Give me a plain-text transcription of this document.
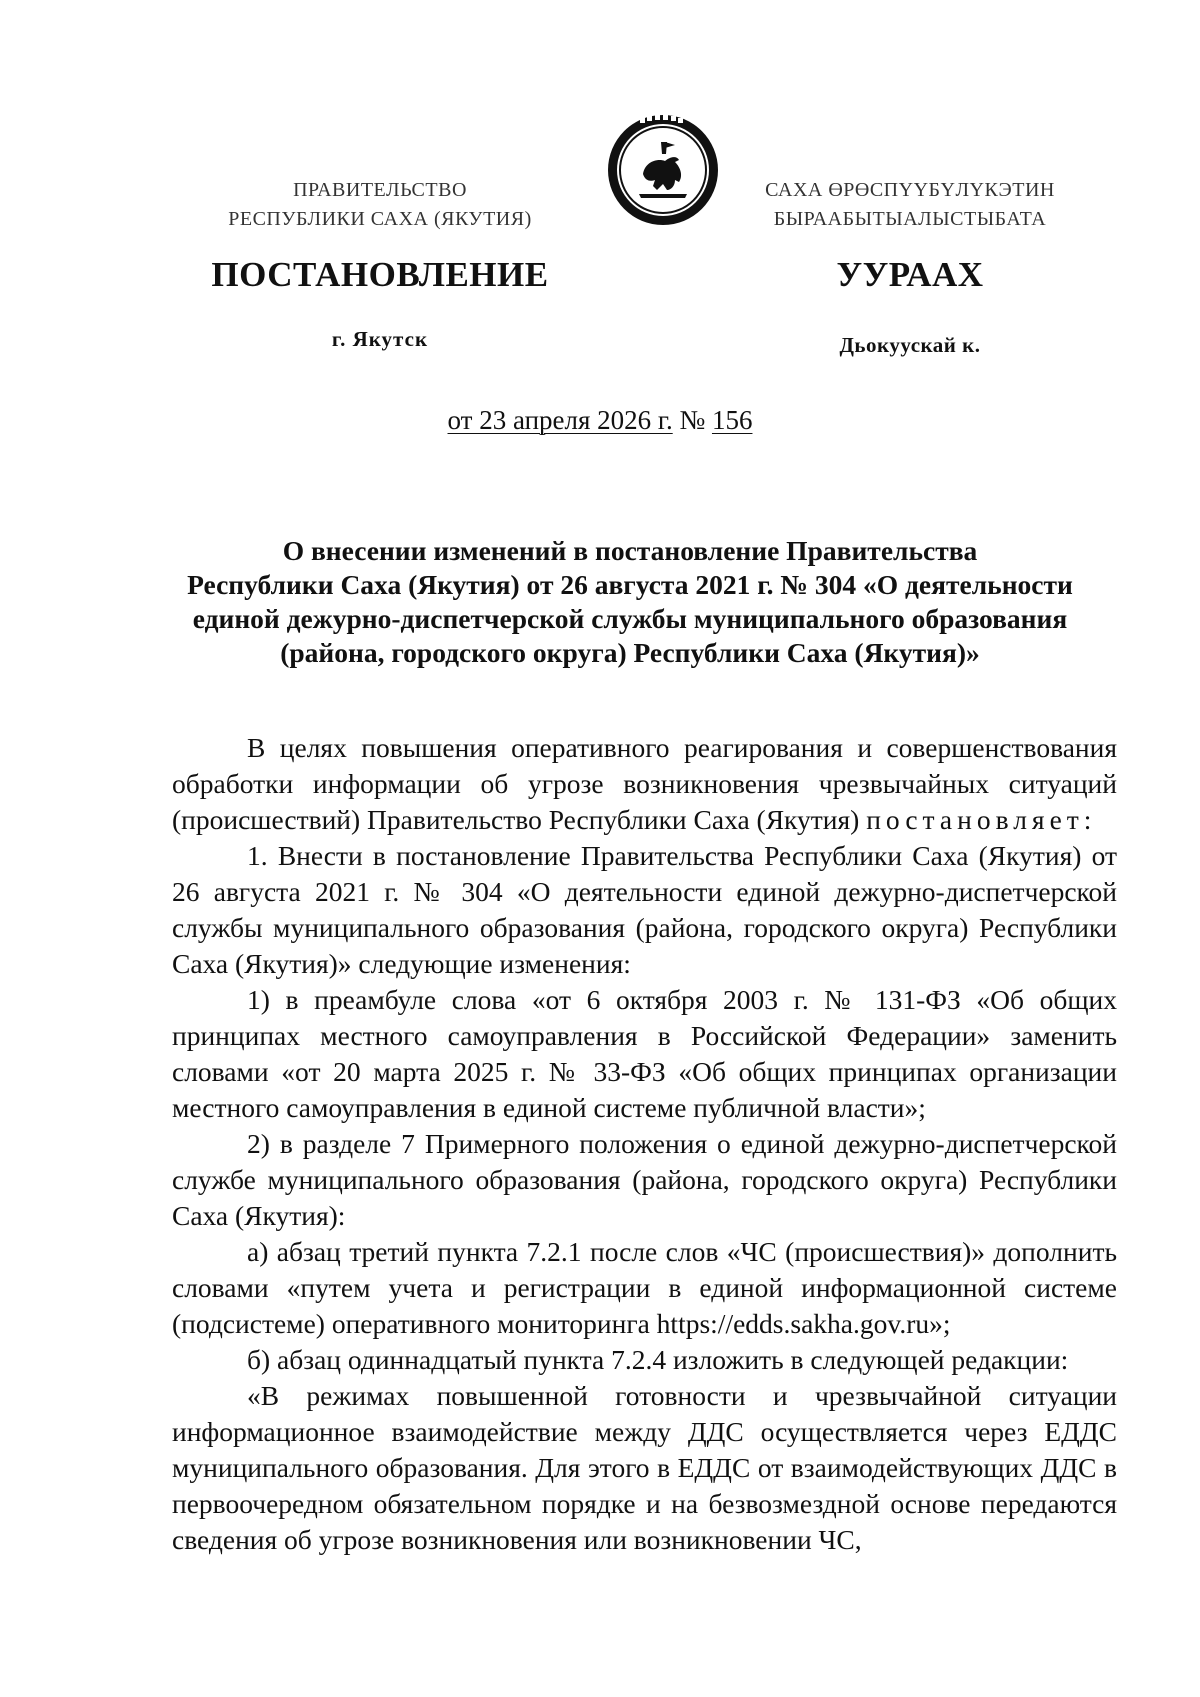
ПРАВИТЕЛЬСТВО
РЕСПУБЛИКИ САХА (ЯКУТИЯ)
САХА ӨРӨСПҮҮБҮЛҮКЭТИН
БЫРААБЫТЫАЛЫСТЫБАТА
ПОСТАНОВЛЕНИЕ	УУРААХ
г. Якутск	Дьокуускай к.
от 23 апреля 2026 г. № 156
О внесении изменений в постановление Правительства
Республики Саха (Якутия) от 26 августа 2021 г. № 304 «О деятельности
единой дежурно-диспетчерской службы муниципального образования
(района, городского округа) Республики Саха (Якутия)»

В целях повышения оперативного реагирования и совершенствования обработки информации об угрозе возникновения чрезвычайных ситуаций (происшествий) Правительство Республики Саха (Якутия) постановляет:

1. Внести в постановление Правительства Республики Саха (Якутия) от 26 августа 2021 г. № 304 «О деятельности единой дежурно-диспетчерской службы муниципального образования (района, городского округа) Республики Саха (Якутия)» следующие изменения:

1) в преамбуле слова «от 6 октября 2003 г. № 131-ФЗ «Об общих принципах местного самоуправления в Российской Федерации» заменить словами «от 20 марта 2025 г. № 33-ФЗ «Об общих принципах организации местного самоуправления в единой системе публичной власти»;

2) в разделе 7 Примерного положения о единой дежурно-диспетчерской службе муниципального образования (района, городского округа) Республики Саха (Якутия):

а) абзац третий пункта 7.2.1 после слов «ЧС (происшествия)» дополнить словами «путем учета и регистрации в единой информационной системе (подсистеме) оперативного мониторинга https://edds.sakha.gov.ru»;

б) абзац одиннадцатый пункта 7.2.4 изложить в следующей редакции:

«В режимах повышенной готовности и чрезвычайной ситуации информационное взаимодействие между ДДС осуществляется через ЕДДС муниципального образования. Для этого в ЕДДС от взаимодействующих ДДС в первоочередном обязательном порядке и на безвозмездной основе передаются сведения об угрозе возникновения или возникновении ЧС,
